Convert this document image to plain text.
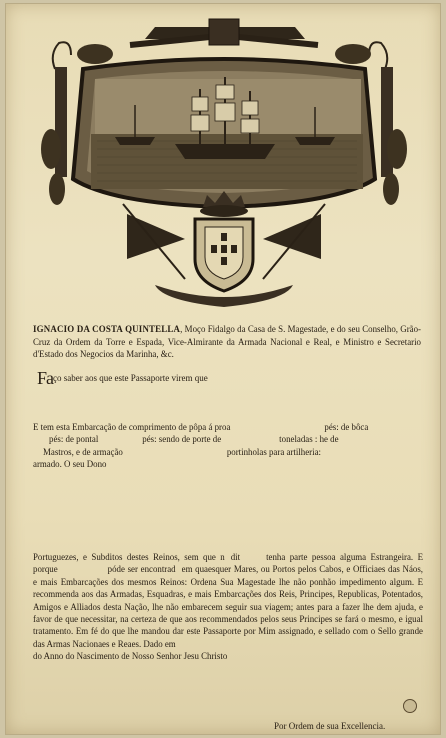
IGNACIO DA COSTA QUINTELLA, Moço Fidalgo da Casa de S. Magestade, e do seu Conselho, Grão-Cruz da Ordem da Torre e Espada, Vice-Almirante da Armada Nacional e Real, e Ministro e Secretario d'Estado dos Negocios da Marinha, &c.
Faço saber aos que este Passaporte virem que
E tem esta Embarcação de comprimento de pôpa á proa	pés: de bôca
pés: de pontal	pés: sendo de porte de	toneladas : he de
Mastros, e de armação	portinholas para artilheria:
armado. O seu Dono
Portuguezes, e Subditos destes Reinos, sem que n dit	tenha parte pessoa alguma Estrangeira. E porque	póde ser encontrad em quaesquer Mares, ou Portos pelos Cabos, e Officiaes das Náos, e mais Embarcações dos mesmos Reinos: Ordena Sua Magestade lhe não ponhão impedimento algum. E recommenda aos das Armadas, Esquadras, e mais Embarcações dos Reis, Principes, Republicas, Potentados, Amigos e Alliados desta Nação, lhe não embarecem seguir sua viagem; antes para a fazer lhe dem ajuda, e favor de que necessitar, na certeza de que aos recommendados pelos seus Principes se fará o mesmo, e igual tratamento. Em fé do que lhe mandou dar este Passaporte por Mim assignado, e sellado com o Sello grande das Armas Nacionaes e Reaes. Dado em
do Anno do Nascimento de Nosso Senhor Jesu Christo
Por Ordem de sua Excellencia.
